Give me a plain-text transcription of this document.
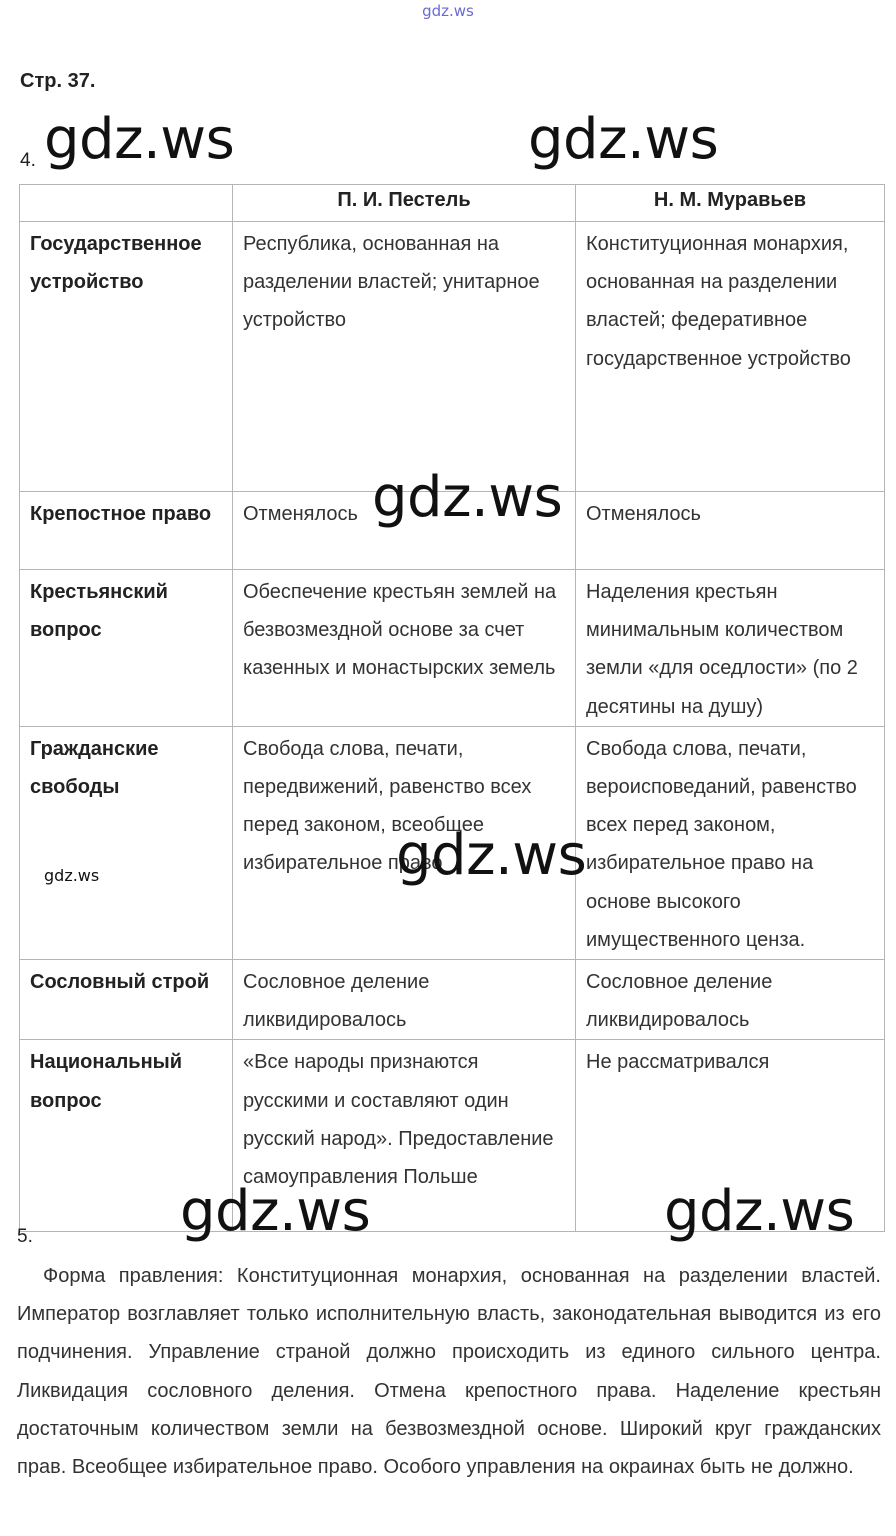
gdz.ws
Стр. 37.
4.
	П. И. Пестель	Н. М. Муравьев
Государственное устройство	Республика, основанная на разделении властей; унитарное устройство	Конституционная монархия, основанная на разделении властей; федеративное государственное устройство
Крепостное право	Отменялось	Отменялось
Крестьянский вопрос	Обеспечение крестьян землей на безвозмездной основе за счет казенных и монастырских земель	Наделения крестьян минимальным количеством земли «для оседлости» (по 2 десятины на душу)
Гражданские свободы	Свобода слова, печати, передвижений, равенство всех перед законом, всеобщее избирательное право	Свобода слова, печати, вероисповеданий, равенство всех перед законом, избирательное право на основе высокого имущественного ценза.
Сословный строй	Сословное деление ликвидировалось	Сословное деление ликвидировалось
Национальный вопрос	«Все народы признаются русскими и составляют один русский народ». Предоставление самоуправления Польше	Не рассматривался
5.

Форма правления: Конституционная монархия, основанная на разделении властей. Император возглавляет только исполнительную власть, законодательная выводится из его подчинения. Управление страной должно происходить из единого сильного центра. Ликвидация сословного деления. Отмена крепостного права. Наделение крестьян достаточным количеством земли на безвозмездной основе. Широкий круг гражданских прав. Всеобщее избирательное право. Особого управления на окраинах быть не должно.

gdz.ws	gdz.ws
gdz.ws
gdz.ws
gdz.ws
gdz.ws	gdz.ws
